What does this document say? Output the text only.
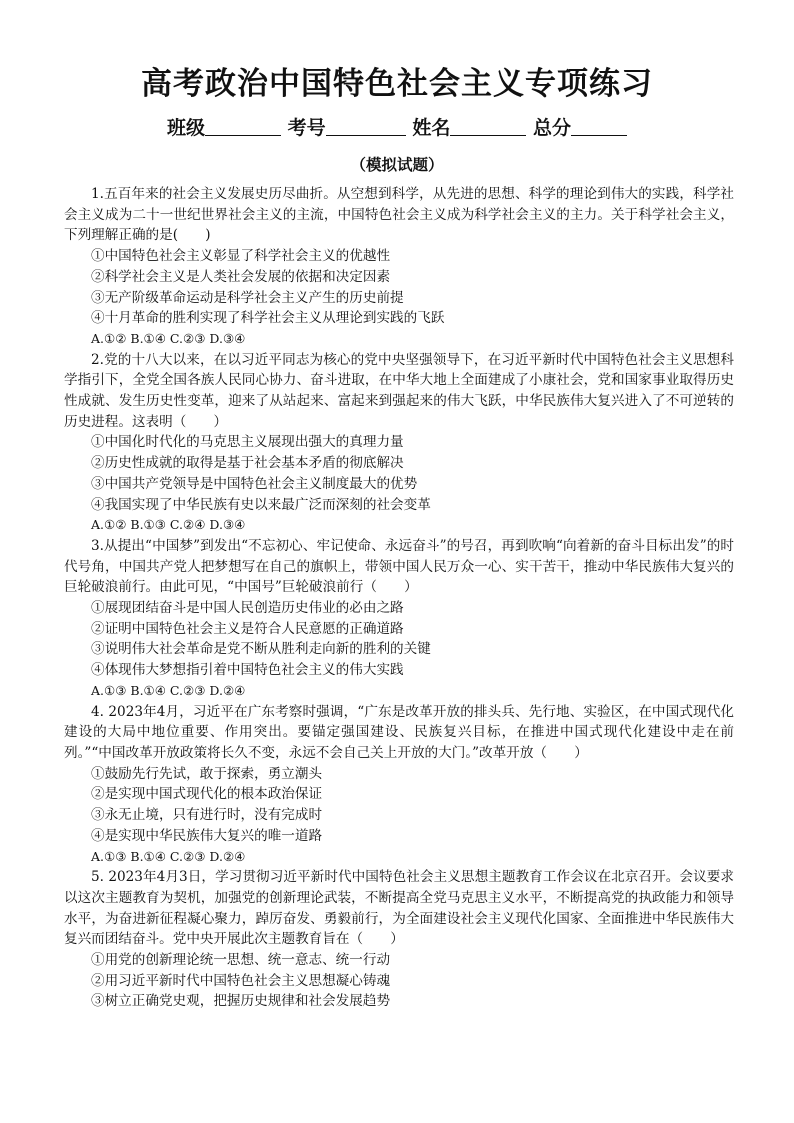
高考政治中国特色社会主义专项练习
班级	考号	姓名	总分
（模拟试题）

1.五百年来的社会主义发展史历尽曲折。从空想到科学，从先进的思想、科学的理论到伟大的实践，科学社会主义成为二十一世纪世界社会主义的主流，中国特色社会主义成为科学社会主义的主力。关于科学社会主义，下列理解正确的是(　　)

①中国特色社会主义彰显了科学社会主义的优越性

②科学社会主义是人类社会发展的依据和决定因素

③无产阶级革命运动是科学社会主义产生的历史前提

④十月革命的胜利实现了科学社会主义从理论到实践的飞跃

A.①② B.①④ C.②③ D.③④

2.党的十八大以来，在以习近平同志为核心的党中央坚强领导下，在习近平新时代中国特色社会主义思想科学指引下，全党全国各族人民同心协力、奋斗进取，在中华大地上全面建成了小康社会，党和国家事业取得历史性成就、发生历史性变革，迎来了从站起来、富起来到强起来的伟大飞跃，中华民族伟大复兴进入了不可逆转的历史进程。这表明（　　）

①中国化时代化的马克思主义展现出强大的真理力量

②历史性成就的取得是基于社会基本矛盾的彻底解决

③中国共产党领导是中国特色社会主义制度最大的优势

④我国实现了中华民族有史以来最广泛而深刻的社会变革

A.①② B.①③ C.②④ D.③④

3.从提出“中国梦”到发出“不忘初心、牢记使命、永远奋斗”的号召，再到吹响“向着新的奋斗目标出发”的时代号角，中国共产党人把梦想写在自己的旗帜上，带领中国人民万众一心、实干苦干，推动中华民族伟大复兴的巨轮破浪前行。由此可见，“中国号”巨轮破浪前行（　　）

①展现团结奋斗是中国人民创造历史伟业的必由之路

②证明中国特色社会主义是符合人民意愿的正确道路

③说明伟大社会革命是党不断从胜利走向新的胜利的关键

④体现伟大梦想指引着中国特色社会主义的伟大实践

A.①③ B.①④ C.②③ D.②④

4. 2023年4月，习近平在广东考察时强调，“广东是改革开放的排头兵、先行地、实验区，在中国式现代化建设的大局中地位重要、作用突出。要锚定强国建设、民族复兴目标，在推进中国式现代化建设中走在前列。”“中国改革开放政策将长久不变，永远不会自己关上开放的大门。”改革开放（　　）

①鼓励先行先试，敢于探索，勇立潮头

②是实现中国式现代化的根本政治保证

③永无止境，只有进行时，没有完成时

④是实现中华民族伟大复兴的唯一道路

A.①③ B.①④ C.②③ D.②④

5. 2023年4月3日，学习贯彻习近平新时代中国特色社会主义思想主题教育工作会议在北京召开。会议要求 以这次主题教育为契机，加强党的创新理论武装，不断提高全党马克思主义水平，不断提高党的执政能力和领导水平，为奋进新征程凝心聚力，踔厉奋发、勇毅前行，为全面建设社会主义现代化国家、全面推进中华民族伟大复兴而团结奋斗。党中央开展此次主题教育旨在（　　）

①用党的创新理论统一思想、统一意志、统一行动

②用习近平新时代中国特色社会主义思想凝心铸魂

③树立正确党史观，把握历史规律和社会发展趋势
